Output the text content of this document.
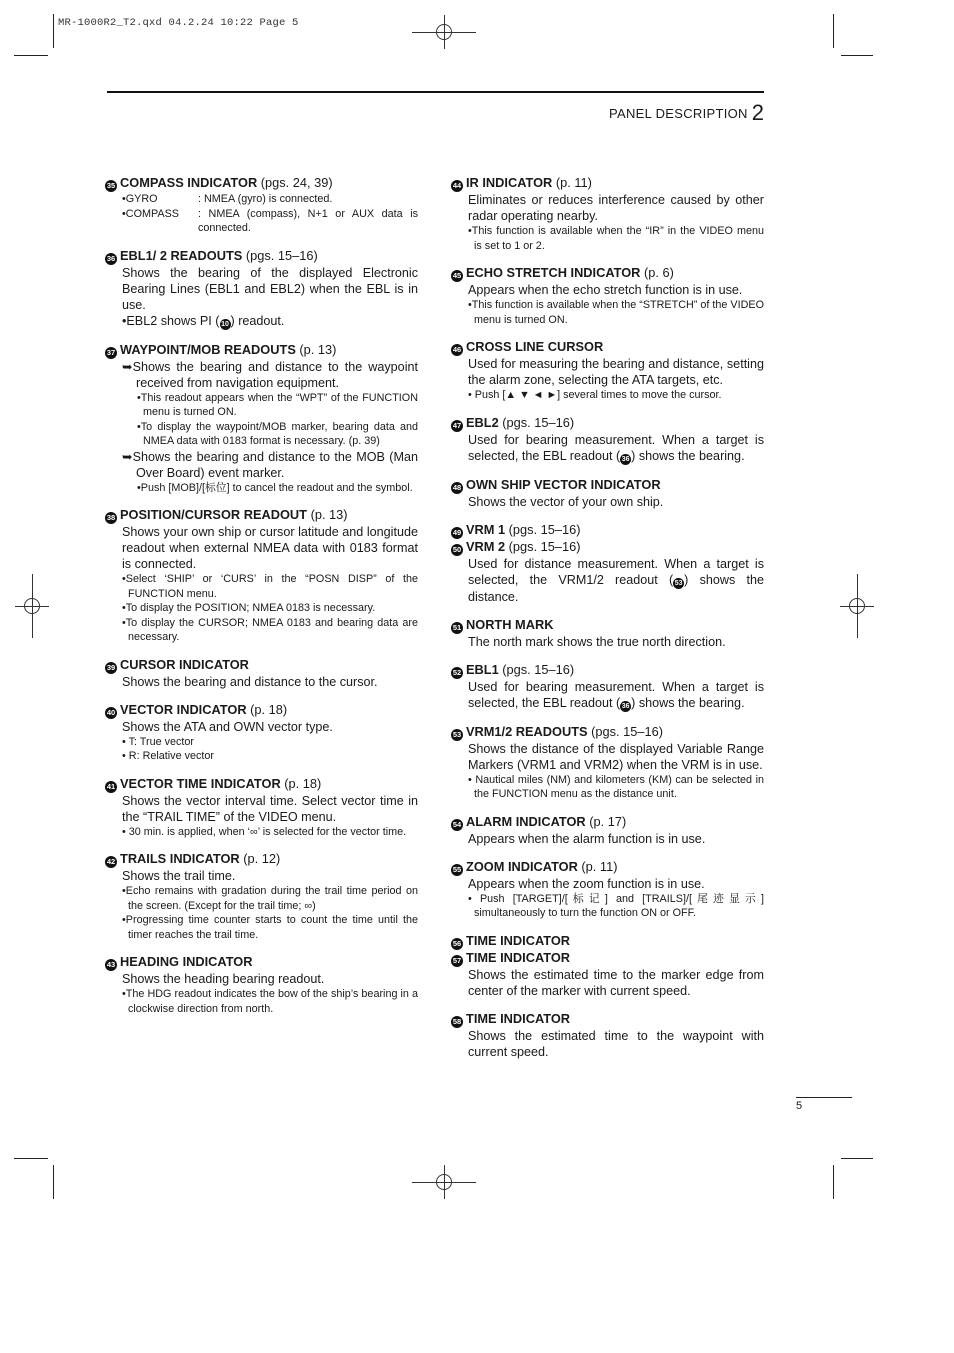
MR-1000R2_T2.qxd 04.2.24 10:22 Page 5
PANEL DESCRIPTION 2
35 COMPASS INDICATOR (pgs. 24, 39)
•GYRO	: NMEA (gyro) is connected.
•COMPASS	: NMEA (compass), N+1 or AUX data is connected.
36 EBL1/ 2 READOUTS (pgs. 15–16)
Shows the bearing of the displayed Electronic Bearing Lines (EBL1 and EBL2) when the EBL is in use.
•EBL2 shows PI ( 10 ) readout.
37 WAYPOINT/MOB READOUTS (p. 13)
➥Shows the bearing and distance to the waypoint received from navigation equipment.
•This readout appears when the “WPT” of the FUNCTION menu is turned ON.
•To display the waypoint/MOB marker, bearing data and NMEA data with 0183 format is necessary. (p. 39)
➥Shows the bearing and distance to the MOB (Man Over Board) event marker.
•Push [MOB]/[标位] to cancel the readout and the symbol.
38 POSITION/CURSOR READOUT (p. 13)
Shows your own ship or cursor latitude and longitude readout when external NMEA data with 0183 format is connected.
•Select ‘SHIP’ or ‘CURS’ in the “POSN DISP” of the FUNCTION menu.
•To display the POSITION; NMEA 0183 is necessary.
•To display the CURSOR; NMEA 0183 and bearing data are necessary.
39 CURSOR INDICATOR
Shows the bearing and distance to the cursor.
40 VECTOR INDICATOR (p. 18)
Shows the ATA and OWN vector type.
• T: True vector
• R: Relative vector
41 VECTOR TIME INDICATOR (p. 18)
Shows the vector interval time. Select vector time in the “TRAIL TIME” of the VIDEO menu.
• 30 min. is applied, when ‘∞’ is selected for the vector time.
42 TRAILS INDICATOR (p. 12)
Shows the trail time.
•Echo remains with gradation during the trail time period on the screen. (Except for the trail time; ∞)
•Progressing time counter starts to count the time until the timer reaches the trail time.
43 HEADING INDICATOR
Shows the heading bearing readout.
•The HDG readout indicates the bow of the ship’s bearing in a clockwise direction from north.
44 IR INDICATOR (p. 11)
Eliminates or reduces interference caused by other radar operating nearby.
•This function is available when the “IR” in the VIDEO menu is set to 1 or 2.
45 ECHO STRETCH INDICATOR (p. 6)
Appears when the echo stretch function is in use.
•This function is available when the “STRETCH” of the VIDEO menu is turned ON.
46 CROSS LINE CURSOR
Used for measuring the bearing and distance, setting the alarm zone, selecting the ATA targets, etc.
• Push [▲ ▼ ◄ ►] several times to move the cursor.
47 EBL2 (pgs. 15–16)
Used for bearing measurement. When a target is selected, the EBL readout ( 36 ) shows the bearing.
48 OWN SHIP VECTOR INDICATOR
Shows the vector of your own ship.
49 VRM 1 (pgs. 15–16)
50 VRM 2 (pgs. 15–16)
Used for distance measurement. When a target is selected, the VRM1/2 readout ( 53 ) shows the distance.
51 NORTH MARK
The north mark shows the true north direction.
52 EBL1 (pgs. 15–16)
Used for bearing measurement. When a target is selected, the EBL readout ( 36 ) shows the bearing.
53 VRM1/2 READOUTS (pgs. 15–16)
Shows the distance of the displayed Variable Range Markers (VRM1 and VRM2) when the VRM is in use.
• Nautical miles (NM) and kilometers (KM) can be selected in the FUNCTION menu as the distance unit.
54 ALARM INDICATOR (p. 17)
Appears when the alarm function is in use.
55 ZOOM INDICATOR (p. 11)
Appears when the zoom function is in use.
• Push [TARGET]/[标记] and [TRAILS]/[尾迹显示] simultaneously to turn the function ON or OFF.
56 TIME INDICATOR
57 TIME INDICATOR
Shows the estimated time to the marker edge from center of the marker with current speed.
58 TIME INDICATOR
Shows the estimated time to the waypoint with current speed.
5
